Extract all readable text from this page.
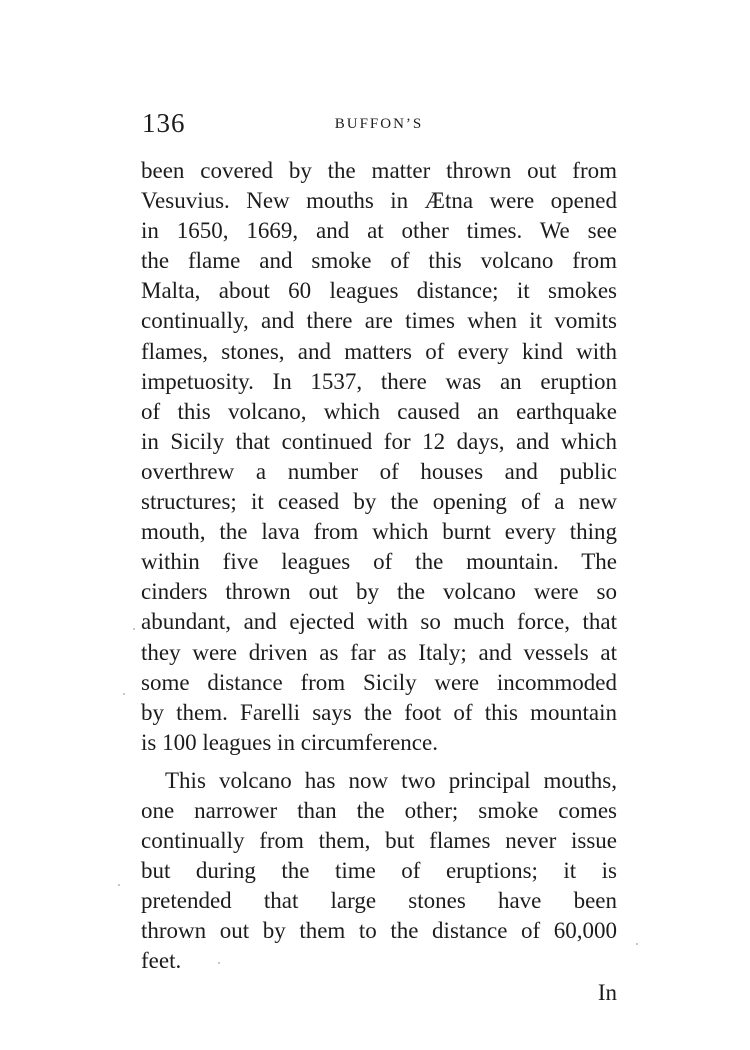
136	BUFFON’S
been covered by the matter thrown out from
Vesuvius. New mouths in Ætna were opened
in 1650, 1669, and at other times. We see
the flame and smoke of this volcano from
Malta, about 60 leagues distance; it smokes
continually, and there are times when it vomits
flames, stones, and matters of every kind with
impetuosity. In 1537, there was an eruption
of this volcano, which caused an earthquake
in Sicily that continued for 12 days, and which
overthrew a number of houses and public
structures; it ceased by the opening of a new
mouth, the lava from which burnt every thing
within five leagues of the mountain. The
cinders thrown out by the volcano were so
abundant, and ejected with so much force, that
they were driven as far as Italy; and vessels at
some distance from Sicily were incommoded
by them. Farelli says the foot of this mountain
is 100 leagues in circumference.
This volcano has now two principal mouths,
one narrower than the other; smoke comes
continually from them, but flames never issue
but during the time of eruptions; it is
pretended that large stones have been
thrown out by them to the distance of 60,000
feet.
In
